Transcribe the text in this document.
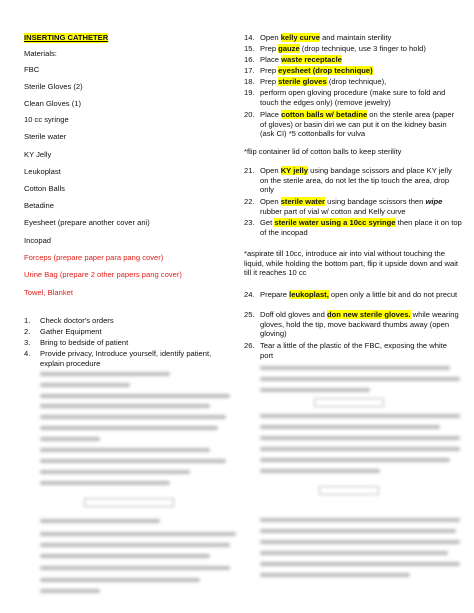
INSERTING CATHETER
Materials:
FBC
Sterile Gloves (2)
Clean Gloves (1)
10 cc syringe
Sterile water
KY Jelly
Leukoplast
Cotton Balls
Betadine
Eyesheet (prepare another cover ani)
Incopad
Forceps (prepare paper para pang cover)
Urine Bag (prepare 2 other papers pang cover)
Towel, Blanket
1.	Check doctor's orders
2.	Gather Equipment
3.	Bring to bedside of patient
4.	Provide privacy, Introduce yourself, identify patient, explain procedure
14. Open kelly curve and maintain sterility
15. Prep gauze (drop technique, use 3 finger to hold)
16. Place waste receptacle
17. Prep eyesheet (drop technique)
18. Prep sterile gloves (drop technique),
19. perform open gloving procedure (make sure to fold and touch the edges only) (remove jewelry)
20. Place cotton balls w/ betadine on the sterile area (paper of gloves) or basin diri we can put it on the kidney basin (ask CI) *5 cottonballs for vulva
*flip container lid of cotton balls to keep sterility
21. Open KY jelly using bandage scissors and place KY jelly on the sterile area, do not let the tip touch the area, drop only
22. Open sterile water using bandage scissors then wipe rubber part of vial w/ cotton and Kelly curve
23. Get sterile water using a 10cc syringe then place it on top of the incopad
*aspirate till 10cc, introduce air into vial without touching the liquid, while holding the bottom part, flip it upside down and wait till it reaches 10 cc
24. Prepare leukoplast, open only a little bit and do not precut
25. Doff old gloves and don new sterile gloves. while wearing gloves, hold the tip, move backward thumbs away (open gloving)
26. Tear a little of the plastic of the FBC, exposing the white port
